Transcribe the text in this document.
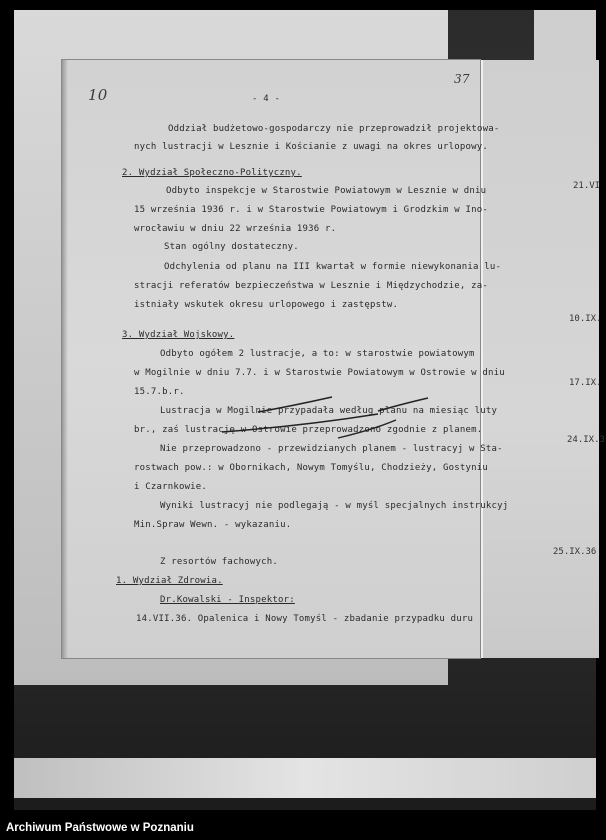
21.VI
10.IX.
17.IX.
24.IX.3
25.IX.36
10
37
- 4 -
Oddział budżetowo-gospodarczy nie przeprowadził projektowa-
nych lustracji w Lesznie i Kościanie z uwagi na okres urlopowy.
2. Wydział Społeczno-Polityczny.
Odbyto inspekcje w Starostwie Powiatowym w Lesznie w dniu
15 września 1936 r. i w Starostwie Powiatowym i Grodzkim w Ino-
wrocławiu w dniu 22 września 1936 r.
Stan ogólny dostateczny.
Odchylenia od planu na III kwartał w formie niewykonania lu-
stracji referatów bezpieczeństwa w Lesznie i Międzychodzie, za-
istniały wskutek okresu urlopowego i zastępstw.
3. Wydział Wojskowy.
Odbyto ogółem 2 lustracje, a to: w starostwie powiatowym
w Mogilnie w dniu 7.7. i w Starostwie Powiatowym w Ostrowie w dniu
15.7.b.r.
Lustracja w Mogilnie przypadała według planu na miesiąc luty
br., zaś lustrację w Ostrowie przeprowadzono zgodnie z planem.
Nie przeprowadzono - przewidzianych planem - lustracyj w Sta-
rostwach pow.: w Obornikach, Nowym Tomyślu, Chodzieży, Gostyniu
i Czarnkowie.
Wyniki lustracyj nie podlegają - w myśl specjalnych instrukcyj
Min.Spraw Wewn. - wykazaniu.
Z resortów fachowych.
1. Wydział Zdrowia.
Dr.Kowalski - Inspektor:
14.VII.36. Opalenica i Nowy Tomyśl - zbadanie przypadku duru
Archiwum Państwowe w Poznaniu
